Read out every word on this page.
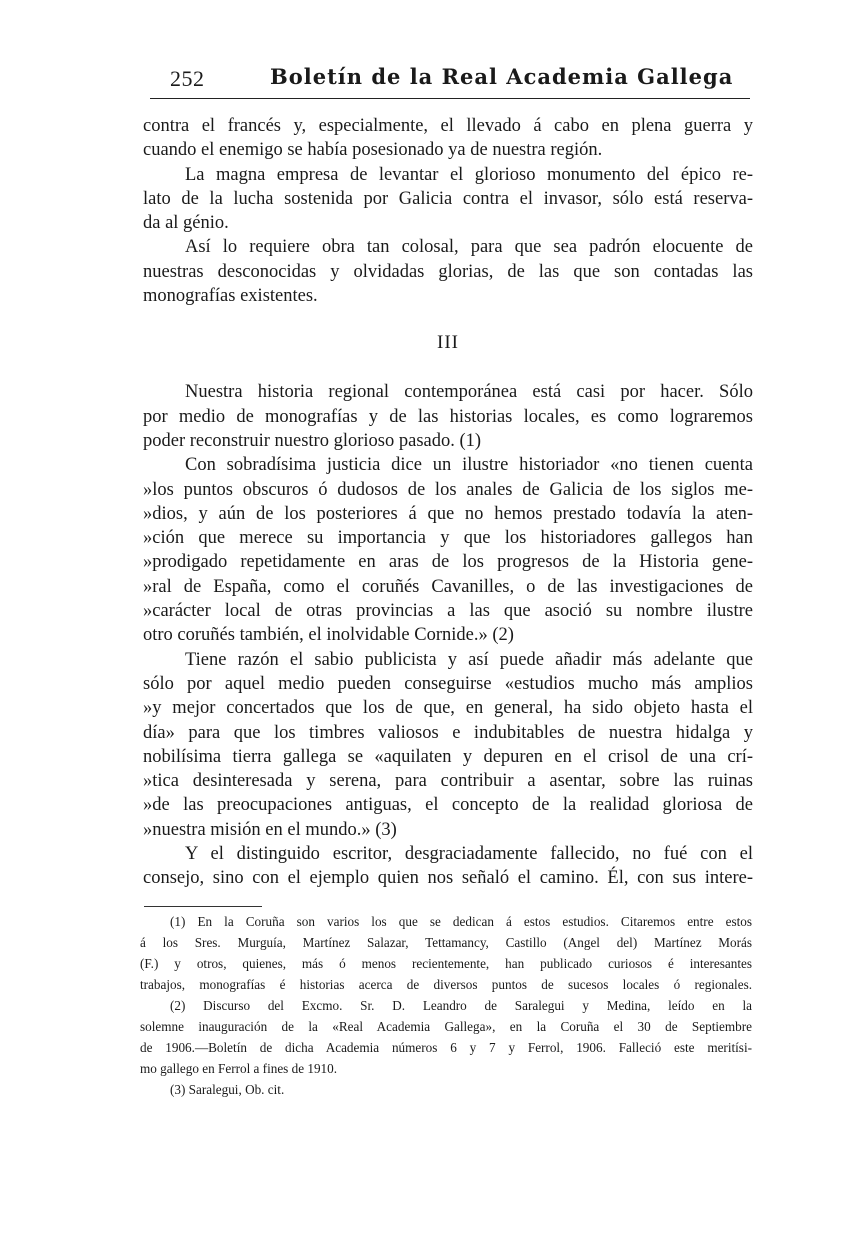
252	Boletín de la Real Academia Gallega
contra el francés y, especialmente, el llevado á cabo en plena guerra y
cuando el enemigo se había posesionado ya de nuestra región.
La magna empresa de levantar el glorioso monumento del épico re-
lato de la lucha sostenida por Galicia contra el invasor, sólo está reserva-
da al génio.
Así lo requiere obra tan colosal, para que sea padrón elocuente de
nuestras desconocidas y olvidadas glorias, de las que son contadas las
monografías existentes.
III
Nuestra historia regional contemporánea está casi por hacer. Sólo
por medio de monografías y de las historias locales, es como lograremos
poder reconstruir nuestro glorioso pasado. (1)
Con sobradísima justicia dice un ilustre historiador «no tienen cuenta
»los puntos obscuros ó dudosos de los anales de Galicia de los siglos me-
»dios, y aún de los posteriores á que no hemos prestado todavía la aten-
»ción que merece su importancia y que los historiadores gallegos han
»prodigado repetidamente en aras de los progresos de la Historia gene-
»ral de España, como el coruñés Cavanilles, o de las investigaciones de
»carácter local de otras provincias a las que asoció su nombre ilustre
otro coruñés también, el inolvidable Cornide.» (2)
Tiene razón el sabio publicista y así puede añadir más adelante que
sólo por aquel medio pueden conseguirse «estudios mucho más amplios
»y mejor concertados que los de que, en general, ha sido objeto hasta el
día» para que los timbres valiosos e indubitables de nuestra hidalga y
nobilísima tierra gallega se «aquilaten y depuren en el crisol de una crí-
»tica desinteresada y serena, para contribuir a asentar, sobre las ruinas
»de las preocupaciones antiguas, el concepto de la realidad gloriosa de
»nuestra misión en el mundo.» (3)
Y el distinguido escritor, desgraciadamente fallecido, no fué con el
consejo, sino con el ejemplo quien nos señaló el camino. Él, con sus intere-
(1) En la Coruña son varios los que se dedican á estos estudios. Citaremos entre estos
á los Sres. Murguía, Martínez Salazar, Tettamancy, Castillo (Angel del) Martínez Morás
(F.) y otros, quienes, más ó menos recientemente, han publicado curiosos é interesantes
trabajos, monografías é historias acerca de diversos puntos de sucesos locales ó regionales.
(2) Discurso del Excmo. Sr. D. Leandro de Saralegui y Medina, leído en la
solemne inauguración de la «Real Academia Gallega», en la Coruña el 30 de Septiembre
de 1906.—Boletín de dicha Academia números 6 y 7 y Ferrol, 1906. Falleció este meritísi-
mo gallego en Ferrol a fines de 1910.
(3) Saralegui, Ob. cit.
